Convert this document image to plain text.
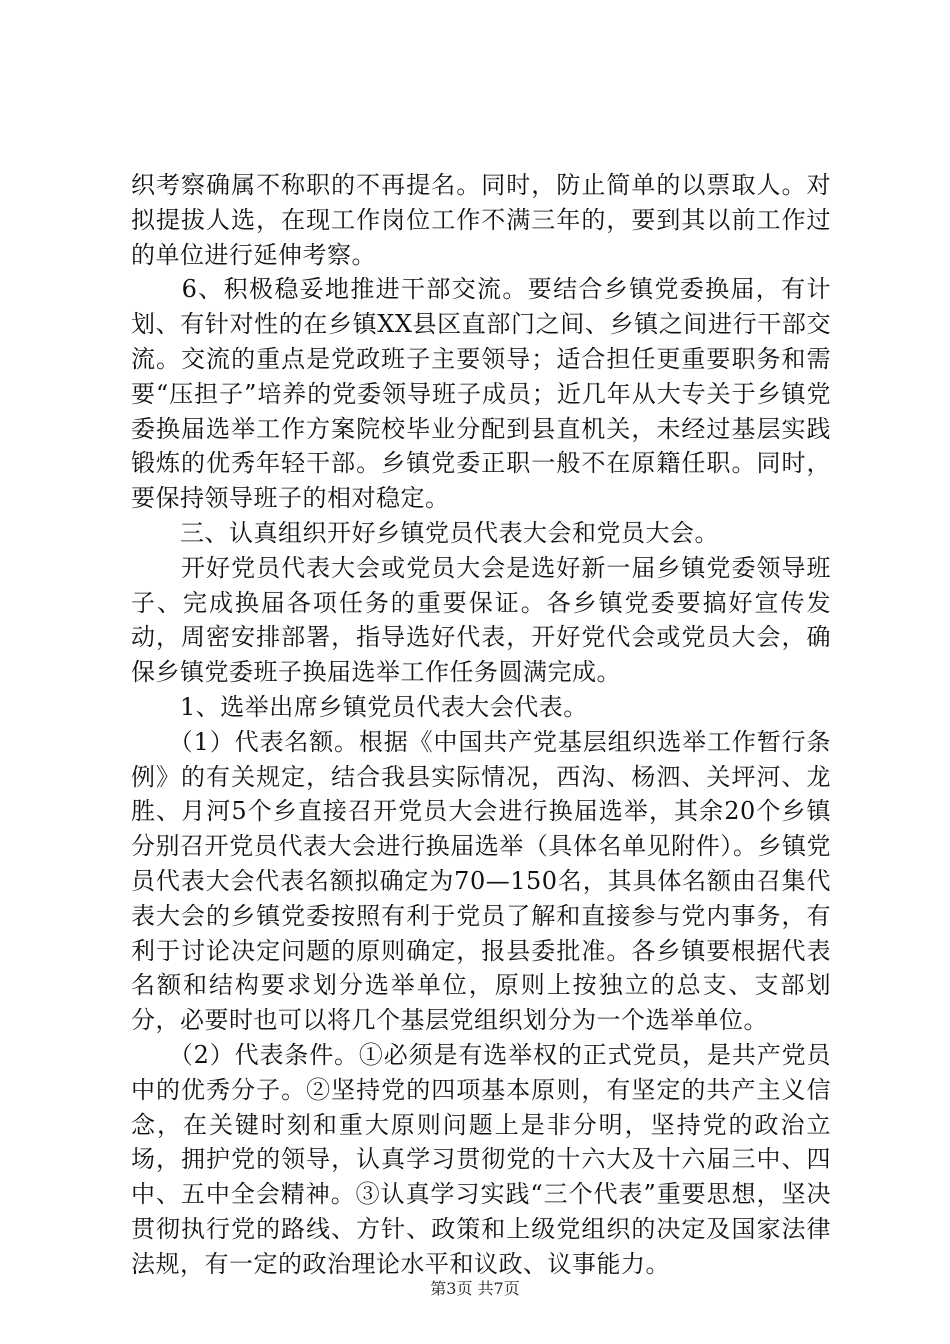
织考察确属不称职的不再提名。同时，防止简单的以票取人。对拟提拔人选，在现工作岗位工作不满三年的，要到其以前工作过的单位进行延伸考察。

　　6、积极稳妥地推进干部交流。要结合乡镇党委换届，有计划、有针对性的在乡镇XX县区直部门之间、乡镇之间进行干部交流。交流的重点是党政班子主要领导；适合担任更重要职务和需要“压担子”培养的党委领导班子成员；近几年从大专关于乡镇党委换届选举工作方案院校毕业分配到县直机关，未经过基层实践锻炼的优秀年轻干部。乡镇党委正职一般不在原籍任职。同时，要保持领导班子的相对稳定。

　　三、认真组织开好乡镇党员代表大会和党员大会。

　　开好党员代表大会或党员大会是选好新一届乡镇党委领导班子、完成换届各项任务的重要保证。各乡镇党委要搞好宣传发动，周密安排部署，指导选好代表，开好党代会或党员大会，确保乡镇党委班子换届选举工作任务圆满完成。

　　1、选举出席乡镇党员代表大会代表。

　　（1）代表名额。根据《中国共产党基层组织选举工作暂行条例》的有关规定，结合我县实际情况，西沟、杨泗、关坪河、龙胜、月河5个乡直接召开党员大会进行换届选举，其余20个乡镇分别召开党员代表大会进行换届选举（具体名单见附件）。乡镇党员代表大会代表名额拟确定为70—150名，其具体名额由召集代表大会的乡镇党委按照有利于党员了解和直接参与党内事务，有利于讨论决定问题的原则确定，报县委批准。各乡镇要根据代表名额和结构要求划分选举单位，原则上按独立的总支、支部划分，必要时也可以将几个基层党组织划分为一个选举单位。

　　（2）代表条件。①必须是有选举权的正式党员，是共产党员中的优秀分子。②坚持党的四项基本原则，有坚定的共产主义信念，在关键时刻和重大原则问题上是非分明，坚持党的政治立场，拥护党的领导，认真学习贯彻党的十六大及十六届三中、四中、五中全会精神。③认真学习实践“三个代表”重要思想，坚决贯彻执行党的路线、方针、政策和上级党组织的决定及国家法律法规，有一定的政治理论水平和议政、议事能力。

第3页 共7页
